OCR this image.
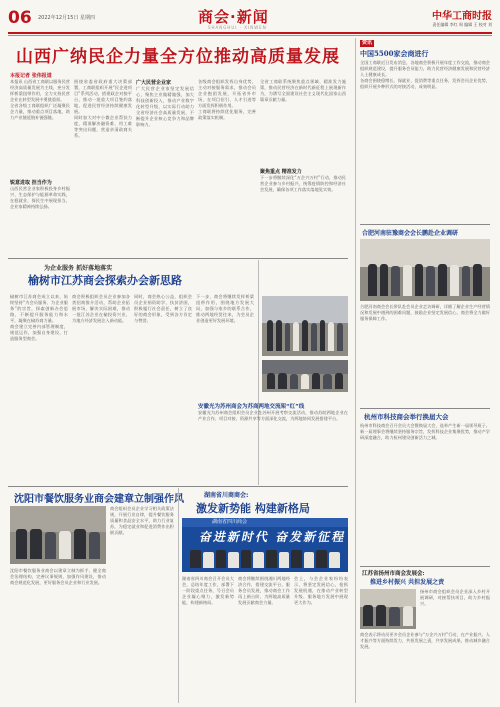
06 2022年12月15日 星期四	商会·新闻
SHANGHUI · XINWEN
中华工商时报
责任编辑 李红 周 编辑 王 校对 刘
山西广纳民企力量全方位推动高质量发展
本报记者 张伟报道
本报讯 山西省工商联以服务民营经济高质量发展为主线，充分发挥桥梁纽带作用，全力支持民营企业在转型发展中勇挑重担。
全省各级工商联组织广泛凝聚民企力量，推动重点项目落地，助力产业链延链补链强链。
锐意进取 担当作为
山西民营企业家积极投身乡村振兴、生态保护与能源革命实践，在稳就业、保民生中展现担当，企业家精神持续弘扬。
围绕省委省政府重大决策部署，工商联组织开展“民企进项目”系列活动，搭建政企对接平台，推动一批重大项目签约落地，促进民营经济持续健康发展。
同时加大对中小微企业帮扶力度，精准解决融资难、用工难等突出问题，营造亲清政商关系。
广大民营企业家
广大民营企业家坚定发展信心，聚焦主业做精做强，加大科技创新投入，推动产业数字化转型升级，以实际行动助力全省经济社会高质量发展，不断提升企业核心竞争力和品牌影响力。
各级商会组织发挥自身优势，主动对接服务需求，推动会员企业抱团发展，开拓省外市场，在项目招引、人才引进等方面发挥积极作用。
工商联将持续优化服务，完善政策落实机制。
聚焦重点 精准发力
全省工商联系统聚焦重点领域、精准发力施策，推动民营经济在新时代新征程上展现新作为，为谱写全面建设社会主义现代化国家山西篇章贡献力量。
下一步将继续深化“万企兴万村”行动，推动民营企业参与乡村振兴，统筹疫情防控和经济社会发展，确保各项工作落实落地见实效。
为企业服务 抓好落地落实
榆树市江苏商会探索办会新思路
榆树市江苏商会成立以来，始终坚持“为会员服务、为企业服务”的宗旨，探索创新办会思路，不断提升服务能力和水平，凝聚在榆苏商力量。
商会建立完善内部管理制度，规范运作，加强自身建设，打造服务型商会。
商会积极组织会员企业参加各类招商推介活动，帮助企业拓展市场，解决实际困难，推动一批江苏企业在榆投资兴业，为地方经济发展注入新动能。
同时，商会热心公益，组织会员企业捐资助学、扶贫济困，积极履行社会责任，树立了良好的商会形象，受到各方肯定与赞誉。
下一步，商会将继续发挥桥梁纽带作用，围绕地方发展大局，加强与家乡的联系合作，推动两地经贸往来，为会员企业创造更好发展环境。
安徽光为苏州商会为苏商两地交流架“红”线
安徽光为苏州商会组织会员企业赴苏州开展考察交流活动，推动苏皖两地企业在产业合作、项目对接、资源共享等方面深化交流，为两地协同发展搭建平台。
沈阳市餐饮服务业商会建章立制强作风
沈阳市餐饮服务业商会以建章立制为抓手，健全商会治理结构，完善议事规则，加强作风建设，推动商会规范化发展，更好服务会员企业和行业发展。
商会组织会员企业学习相关政策法规，开展行业自律，提升餐饮服务质量和食品安全水平，助力行业复苏，为稳定就业和促进消费作出积极贡献。
湖南省川商商会:
激发新势能 构建新格局
湖南省四川商会
奋进新时代 奋发新征程
湖南省四川商会召开会员大会，总结年度工作，部署下一阶段重点任务，号召会员企业凝心聚力，激发新势能，构建新格局。
商会将继续围绕湘川两地经济合作，搭建交流平台，服务会员发展，推动商会工作再上新台阶，为两地高质量发展贡献商会力量。
会上，与会企业家纷纷表示，将坚定发展信心，抢抓发展机遇，在推动产业转型升级、服务地方发展中展现更大作为。
资讯
中国5500家会商进行
全国工商联近日发布消息，各地商会积极开展年度工作交流，推动商会组织规范建设，提升服务会员能力，助力民营经济健康发展和民营经济人士健康成长。
各商会围绕稳增长、保就业、促消费等重点任务，发挥会员企业优势，组织开展多种形式的对接活动，成效明显。
合肥河南驻豫商会会长鹏赴企业调研
合肥河南商会会长带队赴会员企业走访调研，详细了解企业生产经营情况和发展中遇到的困难问题，鼓励企业坚定发展信心，商会将全力做好服务保障工作。
杭州市科技商会举行换届大会
杭州市科技商会召开会员大会暨换届大会，选举产生新一届领导班子。新一届理事会将继续坚持服务宗旨，发挥科技企业集聚优势，推动产学研深度融合，助力杭州建设创新活力之城。
江苏省扬州市商会发展会:
推进乡村振兴 共担发展之责
扬州市商会组织会员企业深入乡村开展调研，对接帮扶项目，助力乡村振兴。
商会表示将动员更多会员企业参与“万企兴万村”行动，在产业振兴、人才振兴等方面持续发力，共担发展之责，共享发展成果，推动城乡融合发展。
